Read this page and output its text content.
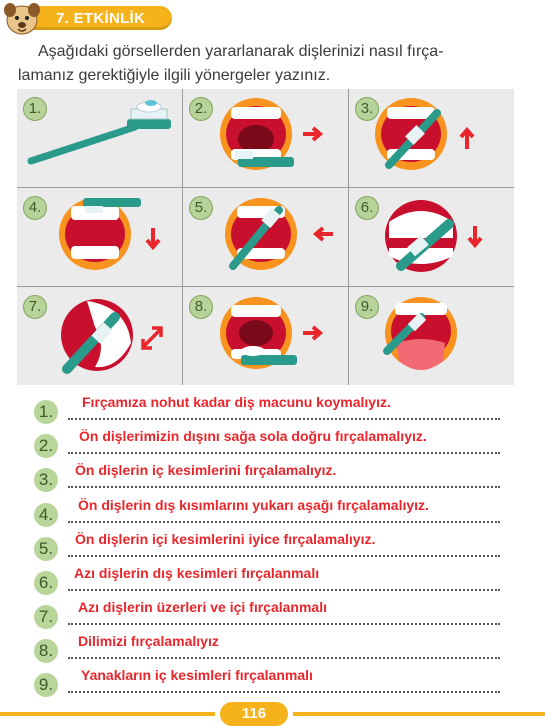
7. ETKİNLİK
Aşağıdaki görsellerden yararlanarak dişlerinizi nasıl fırça-
lamanız gerektiğiyle ilgili yönergeler yazınız.
1.	2.	3.
4.	5.	6.
7.	8.	9.
1.	Fırçamıza nohut kadar diş macunu koymalıyız.
2.	Ön dişlerimizin dışını sağa sola doğru fırçalamalıyız.
3.	Ön dişlerin iç kesimlerini fırçalamalıyız.
4.	Ön dişlerin dış kısımlarını yukarı aşağı fırçalamalıyız.
5.	Ön dişlerin içi kesimlerini iyice fırçalamalıyız.
6.	Azı dişlerin dış kesimleri fırçalanmalı
7.	Azı dişlerin üzerleri ve içi fırçalanmalı
8.	Dilimizi fırçalamalıyız
9.	Yanakların iç kesimleri fırçalanmalı
116
